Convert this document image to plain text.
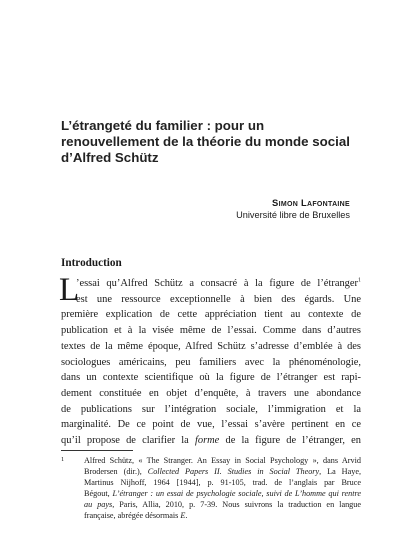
L’étrangeté du familier : pour un renouvellement de la théorie du monde social d’Alfred Schütz
Simon Lafontaine
Université libre de Bruxelles
Introduction
L
’essai qu’Alfred Schütz a consacré à la figure de l’étranger$^1$
est une ressource exceptionnelle à bien des égards. Une
première explication de cette appréciation tient au contexte de
publication et à la visée même de l’essai. Comme dans d’autres
textes de la même époque, Alfred Schütz s’adresse d’emblée à des
sociologues américains, peu familiers avec la phénoménologie,
dans un contexte scientifique où la figure de l’étranger est rapi-
dement constituée en objet d’enquête, à travers une abondance
de publications sur l’intégration sociale, l’immigration et la
marginalité. De ce point de vue, l’essai s’avère pertinent en ce
qu’il propose de clarifier la forme de la figure de l’étranger, en
1 Alfred Schütz, « The Stranger. An Essay in Social Psychology », dans Arvid
Brodersen (dir.), Collected Papers II. Studies in Social Theory, La Haye,
Martinus Nijhoff, 1964 [1944], p. 91-105, trad. de l’anglais par Bruce
Bégout, L’étranger : un essai de psychologie sociale, suivi de L’homme qui rentre
au pays, Paris, Allia, 2010, p. 7-39. Nous suivrons la traduction en langue
française, abrégée désormais E.
